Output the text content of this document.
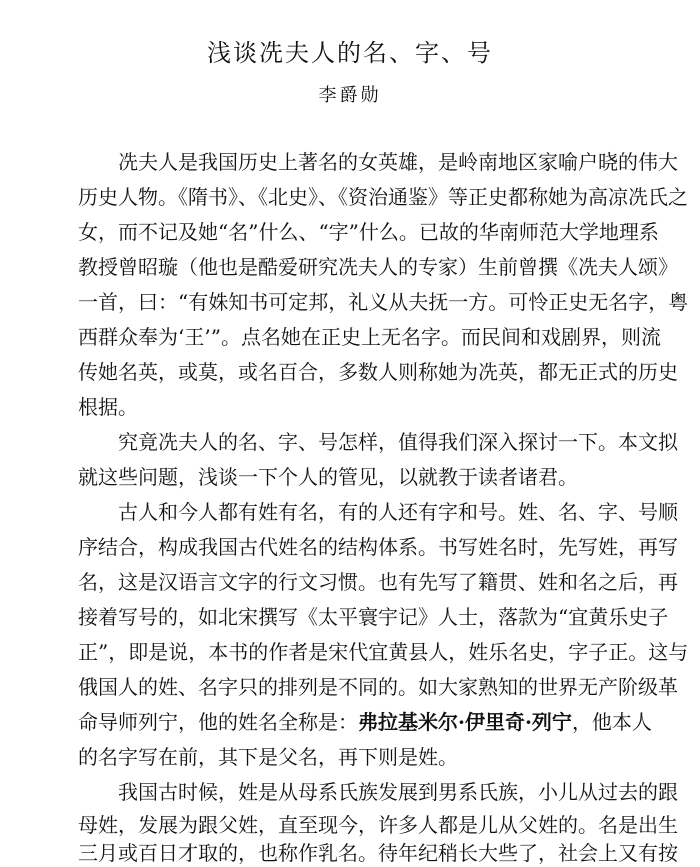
浅谈冼夫人的名、字、号
李爵勋
冼夫人是我国历史上著名的女英雄，是岭南地区家喻户晓的伟大
历史人物。《隋书》、《北史》、《资治通鉴》等正史都称她为高凉冼氏之
女，而不记及她“名”什么、“字”什么。已故的华南师范大学地理系
教授曾昭璇（他也是酷爱研究冼夫人的专家）生前曾撰《冼夫人颂》
一首，曰：“有姝知书可定邦，礼义从夫抚一方。可怜正史无名字，粤
西群众奉为‘王’”。点名她在正史上无名字。而民间和戏剧界，则流
传她名英，或莫，或名百合，多数人则称她为冼英，都无正式的历史
根据。
究竟冼夫人的名、字、号怎样，值得我们深入探讨一下。本文拟
就这些问题，浅谈一下个人的管见，以就教于读者诸君。
古人和今人都有姓有名，有的人还有字和号。姓、名、字、号顺
序结合，构成我国古代姓名的结构体系。书写姓名时，先写姓，再写
名，这是汉语言文字的行文习惯。也有先写了籍贯、姓和名之后，再
接着写号的，如北宋撰写《太平寰宇记》人士，落款为“宜黄乐史子
正”，即是说，本书的作者是宋代宜黄县人，姓乐名史，字子正。这与
俄国人的姓、名字只的排列是不同的。如大家熟知的世界无产阶级革
命导师列宁，他的姓名全称是：弗拉基米尔·伊里奇·列宁，他本人
的名字写在前，其下是父名，再下则是姓。
我国古时候，姓是从母系氏族发展到男系氏族，小儿从过去的跟
母姓，发展为跟父姓，直至现今，许多人都是儿从父姓的。名是出生
三月或百日才取的，也称作乳名。待年纪稍长大些了，社会上又有按
